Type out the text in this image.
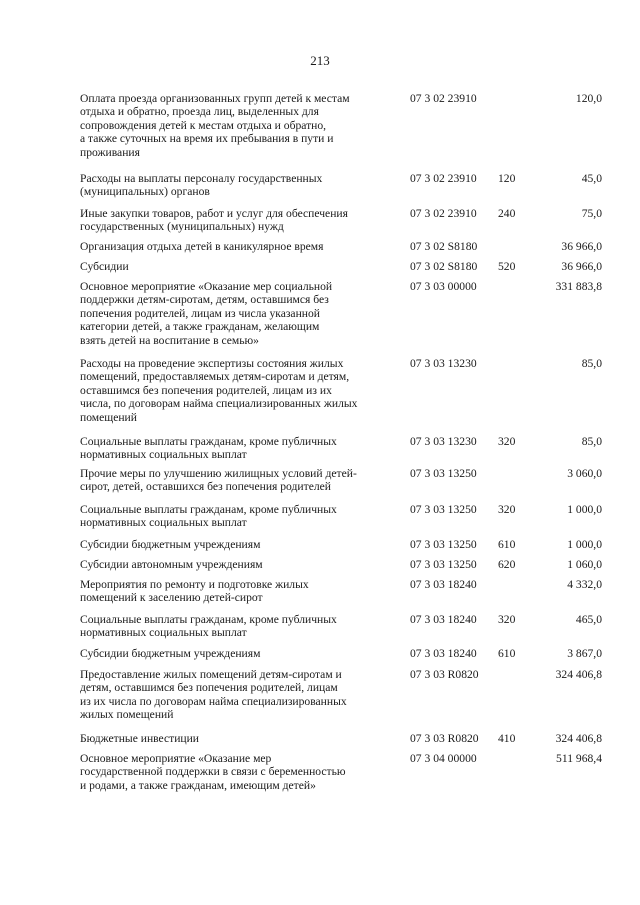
213
Оплата проезда организованных групп детей к местам
отдыха и обратно, проезда лиц, выделенных для
сопровождения детей к местам отдыха и обратно,
а также суточных на время их пребывания в пути и
проживания
07 3 02 23910	120,0
Расходы на выплаты персоналу государственных
(муниципальных) органов
07 3 02 23910 120	45,0
Иные закупки товаров, работ и услуг для обеспечения
государственных (муниципальных) нужд
07 3 02 23910 240	75,0
Организация отдыха детей в каникулярное время	07 3 02 S8180	36 966,0
Субсидии	07 3 02 S8180 520	36 966,0
Основное мероприятие «Оказание мер социальной
поддержки детям-сиротам, детям, оставшимся без
попечения родителей, лицам из числа указанной
категории детей, а также гражданам, желающим
взять детей на воспитание в семью»
07 3 03 00000	331 883,8
Расходы на проведение экспертизы состояния жилых
помещений, предоставляемых детям-сиротам и детям,
оставшимся без попечения родителей, лицам из их
числа, по договорам найма специализированных жилых
помещений
07 3 03 13230	85,0
Социальные выплаты гражданам, кроме публичных
нормативных социальных выплат
07 3 03 13230 320	85,0
Прочие меры по улучшению жилищных условий детей-
сирот, детей, оставшихся без попечения родителей
07 3 03 13250	3 060,0
Социальные выплаты гражданам, кроме публичных
нормативных социальных выплат
07 3 03 13250 320	1 000,0
Субсидии бюджетным учреждениям	07 3 03 13250 610	1 000,0
Субсидии автономным учреждениям	07 3 03 13250 620	1 060,0
Мероприятия по ремонту и подготовке жилых
помещений к заселению детей-сирот
07 3 03 18240	4 332,0
Социальные выплаты гражданам, кроме публичных
нормативных социальных выплат
07 3 03 18240 320	465,0
Субсидии бюджетным учреждениям	07 3 03 18240 610	3 867,0
Предоставление жилых помещений детям-сиротам и
детям, оставшимся без попечения родителей, лицам
из их числа по договорам найма специализированных
жилых помещений
07 3 03 R0820	324 406,8
Бюджетные инвестиции	07 3 03 R0820 410	324 406,8
Основное мероприятие «Оказание мер
государственной поддержки в связи с беременностью
и родами, а также гражданам, имеющим детей»
07 3 04 00000	511 968,4
